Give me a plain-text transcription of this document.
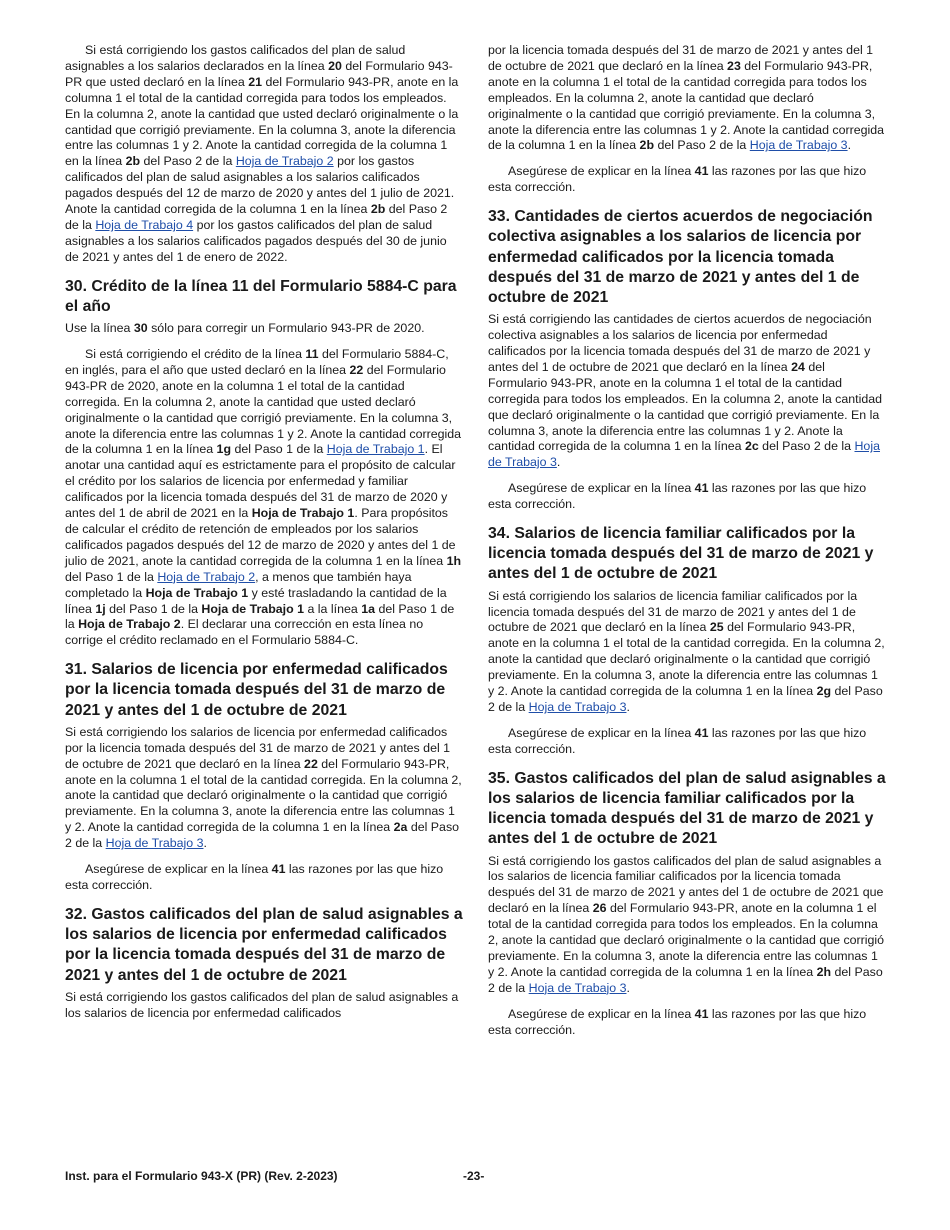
Si está corrigiendo los gastos calificados del plan de salud asignables a los salarios declarados en la línea 20 del Formulario 943-PR que usted declaró en la línea 21 del Formulario 943-PR, anote en la columna 1 el total de la cantidad corregida para todos los empleados. En la columna 2, anote la cantidad que usted declaró originalmente o la cantidad que corrigió previamente. En la columna 3, anote la diferencia entre las columnas 1 y 2. Anote la cantidad corregida de la columna 1 en la línea 2b del Paso 2 de la Hoja de Trabajo 2 por los gastos calificados del plan de salud asignables a los salarios calificados pagados después del 12 de marzo de 2020 y antes del 1 julio de 2021. Anote la cantidad corregida de la columna 1 en la línea 2b del Paso 2 de la Hoja de Trabajo 4 por los gastos calificados del plan de salud asignables a los salarios calificados pagados después del 30 de junio de 2021 y antes del 1 de enero de 2022.

30. Crédito de la línea 11 del Formulario 5884-C para el año

Use la línea 30 sólo para corregir un Formulario 943-PR de 2020.

Si está corrigiendo el crédito de la línea 11 del Formulario 5884-C, en inglés, para el año que usted declaró en la línea 22 del Formulario 943-PR de 2020, anote en la columna 1 el total de la cantidad corregida. En la columna 2, anote la cantidad que usted declaró originalmente o la cantidad que corrigió previamente. En la columna 3, anote la diferencia entre las columnas 1 y 2. Anote la cantidad corregida de la columna 1 en la línea 1g del Paso 1 de la Hoja de Trabajo 1. El anotar una cantidad aquí es estrictamente para el propósito de calcular el crédito por los salarios de licencia por enfermedad y familiar calificados por la licencia tomada después del 31 de marzo de 2020 y antes del 1 de abril de 2021 en la Hoja de Trabajo 1. Para propósitos de calcular el crédito de retención de empleados por los salarios calificados pagados después del 12 de marzo de 2020 y antes del 1 de julio de 2021, anote la cantidad corregida de la columna 1 en la línea 1h del Paso 1 de la Hoja de Trabajo 2, a menos que también haya completado la Hoja de Trabajo 1 y esté trasladando la cantidad de la línea 1j del Paso 1 de la Hoja de Trabajo 1 a la línea 1a del Paso 1 de la Hoja de Trabajo 2. El declarar una corrección en esta línea no corrige el crédito reclamado en el Formulario 5884-C.

31. Salarios de licencia por enfermedad calificados por la licencia tomada después del 31 de marzo de 2021 y antes del 1 de octubre de 2021

Si está corrigiendo los salarios de licencia por enfermedad calificados por la licencia tomada después del 31 de marzo de 2021 y antes del 1 de octubre de 2021 que declaró en la línea 22 del Formulario 943-PR, anote en la columna 1 el total de la cantidad corregida. En la columna 2, anote la cantidad que declaró originalmente o la cantidad que corrigió previamente. En la columna 3, anote la diferencia entre las columnas 1 y 2. Anote la cantidad corregida de la columna 1 en la línea 2a del Paso 2 de la Hoja de Trabajo 3.

Asegúrese de explicar en la línea 41 las razones por las que hizo esta corrección.

32. Gastos calificados del plan de salud asignables a los salarios de licencia por enfermedad calificados por la licencia tomada después del 31 de marzo de 2021 y antes del 1 de octubre de 2021

Si está corrigiendo los gastos calificados del plan de salud asignables a los salarios de licencia por enfermedad calificados

por la licencia tomada después del 31 de marzo de 2021 y antes del 1 de octubre de 2021 que declaró en la línea 23 del Formulario 943-PR, anote en la columna 1 el total de la cantidad corregida para todos los empleados. En la columna 2, anote la cantidad que declaró originalmente o la cantidad que corrigió previamente. En la columna 3, anote la diferencia entre las columnas 1 y 2. Anote la cantidad corregida de la columna 1 en la línea 2b del Paso 2 de la Hoja de Trabajo 3.

Asegúrese de explicar en la línea 41 las razones por las que hizo esta corrección.

33. Cantidades de ciertos acuerdos de negociación colectiva asignables a los salarios de licencia por enfermedad calificados por la licencia tomada después del 31 de marzo de 2021 y antes del 1 de octubre de 2021

Si está corrigiendo las cantidades de ciertos acuerdos de negociación colectiva asignables a los salarios de licencia por enfermedad calificados por la licencia tomada después del 31 de marzo de 2021 y antes del 1 de octubre de 2021 que declaró en la línea 24 del Formulario 943-PR, anote en la columna 1 el total de la cantidad corregida para todos los empleados. En la columna 2, anote la cantidad que declaró originalmente o la cantidad que corrigió previamente. En la columna 3, anote la diferencia entre las columnas 1 y 2. Anote la cantidad corregida de la columna 1 en la línea 2c del Paso 2 de la Hoja de Trabajo 3.

Asegúrese de explicar en la línea 41 las razones por las que hizo esta corrección.

34. Salarios de licencia familiar calificados por la licencia tomada después del 31 de marzo de 2021 y antes del 1 de octubre de 2021

Si está corrigiendo los salarios de licencia familiar calificados por la licencia tomada después del 31 de marzo de 2021 y antes del 1 de octubre de 2021 que declaró en la línea 25 del Formulario 943-PR, anote en la columna 1 el total de la cantidad corregida. En la columna 2, anote la cantidad que declaró originalmente o la cantidad que corrigió previamente. En la columna 3, anote la diferencia entre las columnas 1 y 2. Anote la cantidad corregida de la columna 1 en la línea 2g del Paso 2 de la Hoja de Trabajo 3.

Asegúrese de explicar en la línea 41 las razones por las que hizo esta corrección.

35. Gastos calificados del plan de salud asignables a los salarios de licencia familiar calificados por la licencia tomada después del 31 de marzo de 2021 y antes del 1 de octubre de 2021

Si está corrigiendo los gastos calificados del plan de salud asignables a los salarios de licencia familiar calificados por la licencia tomada después del 31 de marzo de 2021 y antes del 1 de octubre de 2021 que declaró en la línea 26 del Formulario 943-PR, anote en la columna 1 el total de la cantidad corregida para todos los empleados. En la columna 2, anote la cantidad que declaró originalmente o la cantidad que corrigió previamente. En la columna 3, anote la diferencia entre las columnas 1 y 2. Anote la cantidad corregida de la columna 1 en la línea 2h del Paso 2 de la Hoja de Trabajo 3.

Asegúrese de explicar en la línea 41 las razones por las que hizo esta corrección.

Inst. para el Formulario 943-X (PR) (Rev. 2-2023)	-23-
